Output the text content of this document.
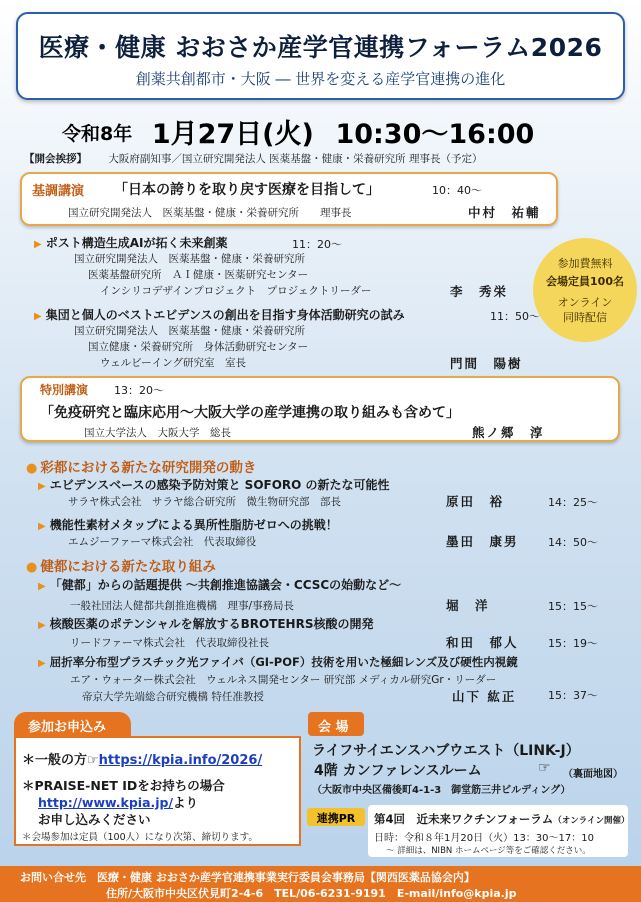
医療・健康 おおさか産学官連携フォーラム2026
創薬共創都市・大阪 ― 世界を変える産学官連携の進化
令和8年 1月27日(火) 10:30〜16:00
【開会挨拶】 大阪府副知事／国立研究開発法人 医薬基盤・健康・栄養研究所 理事長（予定）
基調講演 「日本の誇りを取り戻す医療を目指して」	10：40〜
国立研究開発法人　医薬基盤・健康・栄養研究所　　理事長	中村　祐輔
参加費無料
会場定員100名
オンライン
同時配信
▶ ポスト構造生成AIが拓く未来創薬	11：20〜
国立研究開発法人　医薬基盤・健康・栄養研究所
医薬基盤研究所　ＡＩ健康・医薬研究センター
インシリコデザインプロジェクト　プロジェクトリーダー	李　秀栄
▶ 集団と個人のベストエビデンスの創出を目指す身体活動研究の試み	11：50〜
国立研究開発法人　医薬基盤・健康・栄養研究所
国立健康・栄養研究所　身体活動研究センター
ウェルビーイング研究室　室長	門間　陽樹
特別講演 13：20〜
「免疫研究と臨床応用〜大阪大学の産学連携の取り組みも含めて」
国立大学法人　大阪大学　総長	熊ノ郷　淳
● 彩都における新たな研究開発の動き
▶ エビデンスベースの感染予防対策と SOFORO の新たな可能性
サラヤ株式会社　サラヤ総合研究所　微生物研究部　部長	原田　裕	14：25〜
▶ 機能性素材メタップによる異所性脂肪ゼロへの挑戦！
エムジーファーマ株式会社　代表取締役	墨田　康男	14：50〜
● 健都における新たな取り組み
▶ 「健都」からの話題提供 〜共創推進協議会・CCSCの始動など〜
一般社団法人健都共創推進機構　理事/事務局長	堀　洋	15：15〜
▶ 核酸医薬のポテンシャルを解放するBROTEHRS核酸の開発
リードファーマ株式会社　代表取締役社長	和田　郁人	15：19〜
▶ 屈折率分布型プラスチック光ファイバ（GI-POF）技術を用いた極細レンズ及び硬性内視鏡
エア・ウォーター株式会社　ウェルネス開発センター 研究部 メディカル研究Gr・リーダー
帝京大学先端総合研究機構 特任准教授	山下 紘正	15：37〜
参加お申込み
＊一般の方☞https://kpia.info/2026/
＊PRAISE-NET IDをお持ちの場合
http://www.kpia.jp/より
お申し込みください
＊会場参加は定員（100人）になり次第、締切ります。
会 場
ライフサイエンスハブウエスト（LINK-J）
4階 カンファレンスルーム	☞ （裏面地図）
（大阪市中央区備後町4-1-3　御堂筋三井ビルディング）
連携PR	第4回　近未来ワクチンフォーラム（オンライン開催）
日時：令和８年1月20日（火）13：30〜17：10
〜 詳細は、NIBN ホームページ等をご確認ください。
お問い合せ先　医療・健康 おおさか産学官連携事業実行委員会事務局【関西医薬品協会内】
住所/大阪市中央区伏見町2-4-6　TEL/06-6231-9191　E-mail/info@kpia.jp
